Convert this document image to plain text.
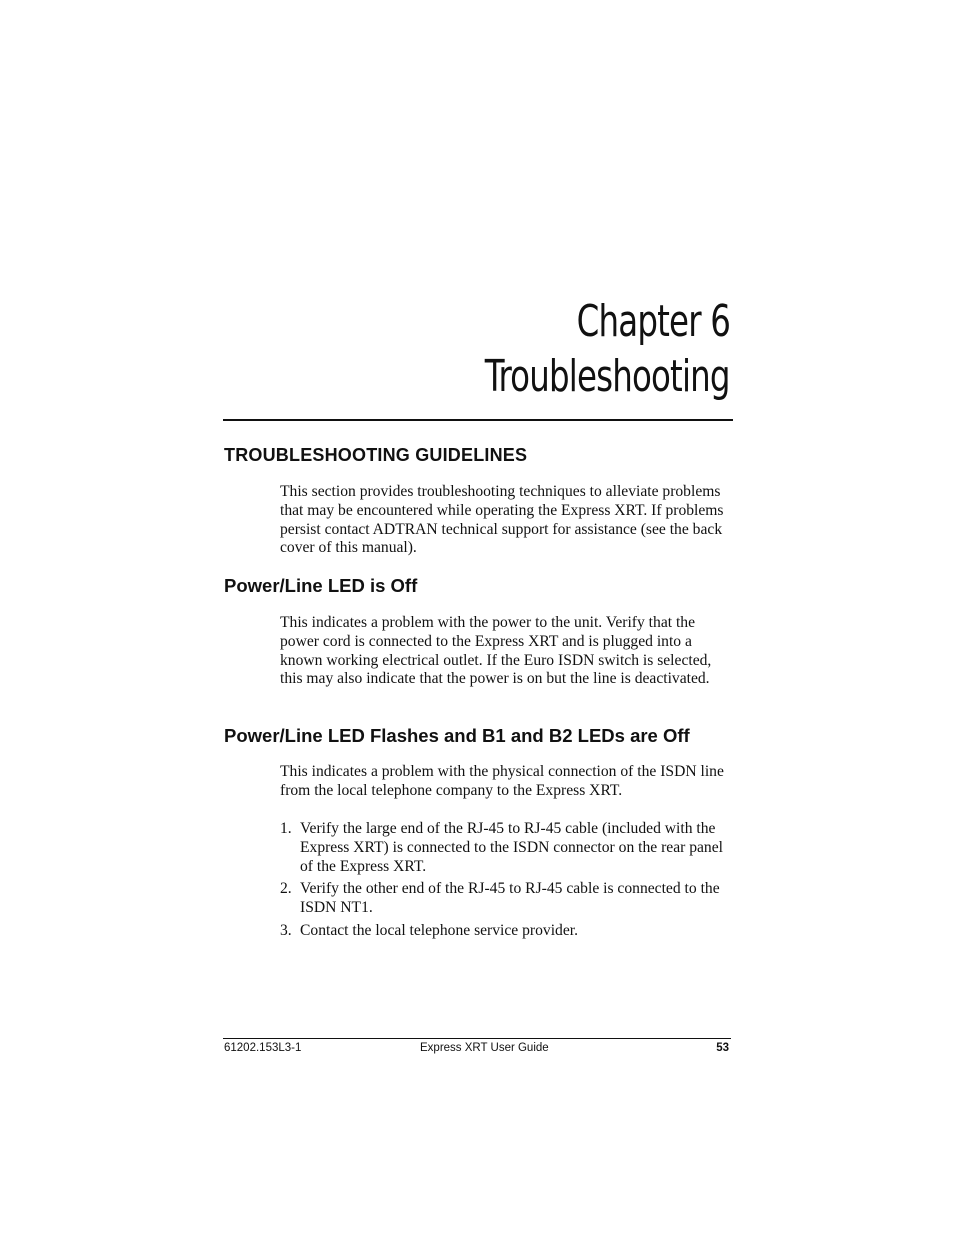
Chapter 6
Troubleshooting
TROUBLESHOOTING GUIDELINES
This section provides troubleshooting techniques to alleviate problems that may be encountered while operating the Express XRT. If problems persist contact ADTRAN technical support for assistance (see the back cover of this manual).
Power/Line LED is Off
This indicates a problem with the power to the unit. Verify that the power cord is connected to the Express XRT and is plugged into a known working electrical outlet. If the Euro ISDN switch is selected, this may also indicate that the power is on but the line is deactivated.
Power/Line LED Flashes and B1 and B2 LEDs are Off
This indicates a problem with the physical connection of the ISDN line from the local telephone company to the Express XRT.
1. Verify the large end of the RJ-45 to RJ-45 cable (included with the Express XRT) is connected to the ISDN connector on the rear panel of the Express XRT.
2. Verify the other end of the RJ-45 to RJ-45 cable is connected to the ISDN NT1.
3. Contact the local telephone service provider.
61202.153L3-1	Express XRT User Guide	53
